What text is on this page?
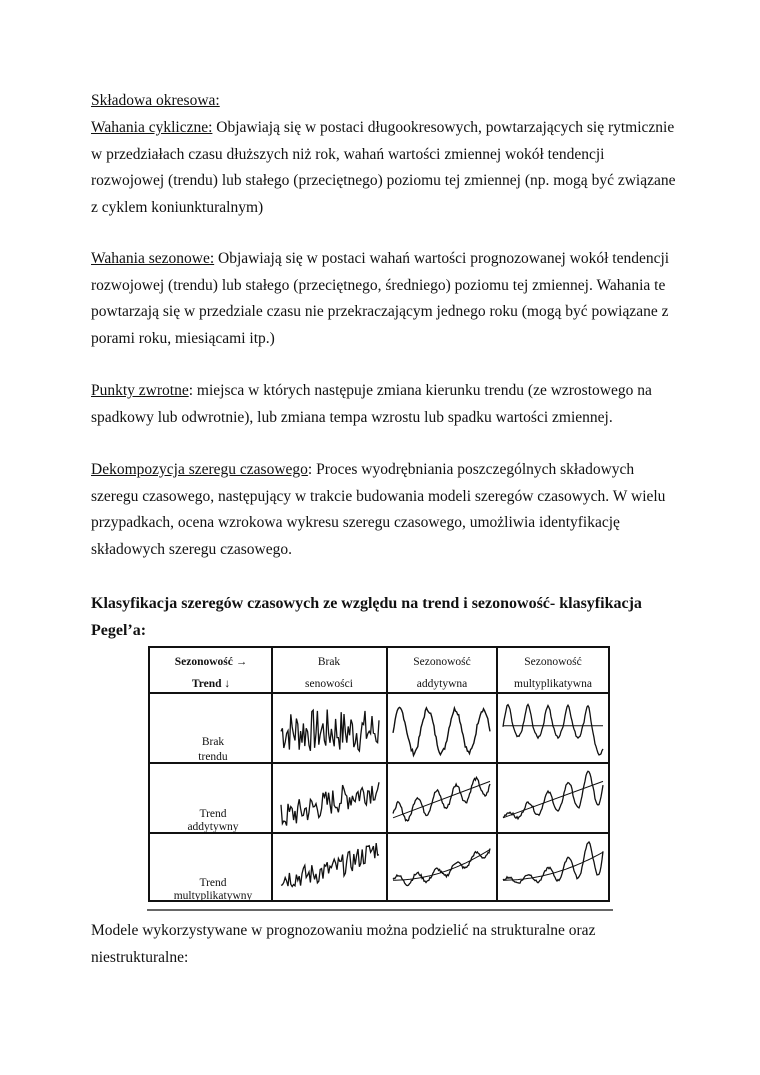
Składowa okresowa:

Wahania cykliczne: Objawiają się w postaci długookresowych, powtarzających się rytmicznie w przedziałach czasu dłuższych niż rok, wahań wartości zmiennej wokół tendencji rozwojowej (trendu) lub stałego (przeciętnego) poziomu tej zmiennej (np. mogą być związane z cyklem koniunkturalnym)

Wahania sezonowe: Objawiają się w postaci wahań wartości prognozowanej wokół tendencji rozwojowej (trendu) lub stałego (przeciętnego, średniego) poziomu tej zmiennej. Wahania te powtarzają się w przedziale czasu nie przekraczającym jednego roku (mogą być powiązane z porami roku, miesiącami itp.)

Punkty zwrotne: miejsca w których następuje zmiana kierunku trendu (ze wzrostowego na spadkowy lub odwrotnie), lub zmiana tempa wzrostu lub spadku wartości zmiennej.

Dekompozycja szeregu czasowego: Proces wyodrębniania poszczególnych składowych szeregu czasowego, następujący w trakcie budowania modeli szeregów czasowych. W wielu przypadkach, ocena wzrokowa wykresu szeregu czasowego, umożliwia identyfikację składowych szeregu czasowego.

Klasyfikacja szeregów czasowych ze względu na trend i sezonowość- klasyfikacja Pegel’a:

Sezonowość →
Trend ↓
Brak
senowości
Sezonowość
addytywna
Sezonowość
multyplikatywna
Brak
trendu
Trend
addytywny
Trend
multyplikatywny

Modele wykorzystywane w prognozowaniu można podzielić na strukturalne oraz niestrukturalne:
